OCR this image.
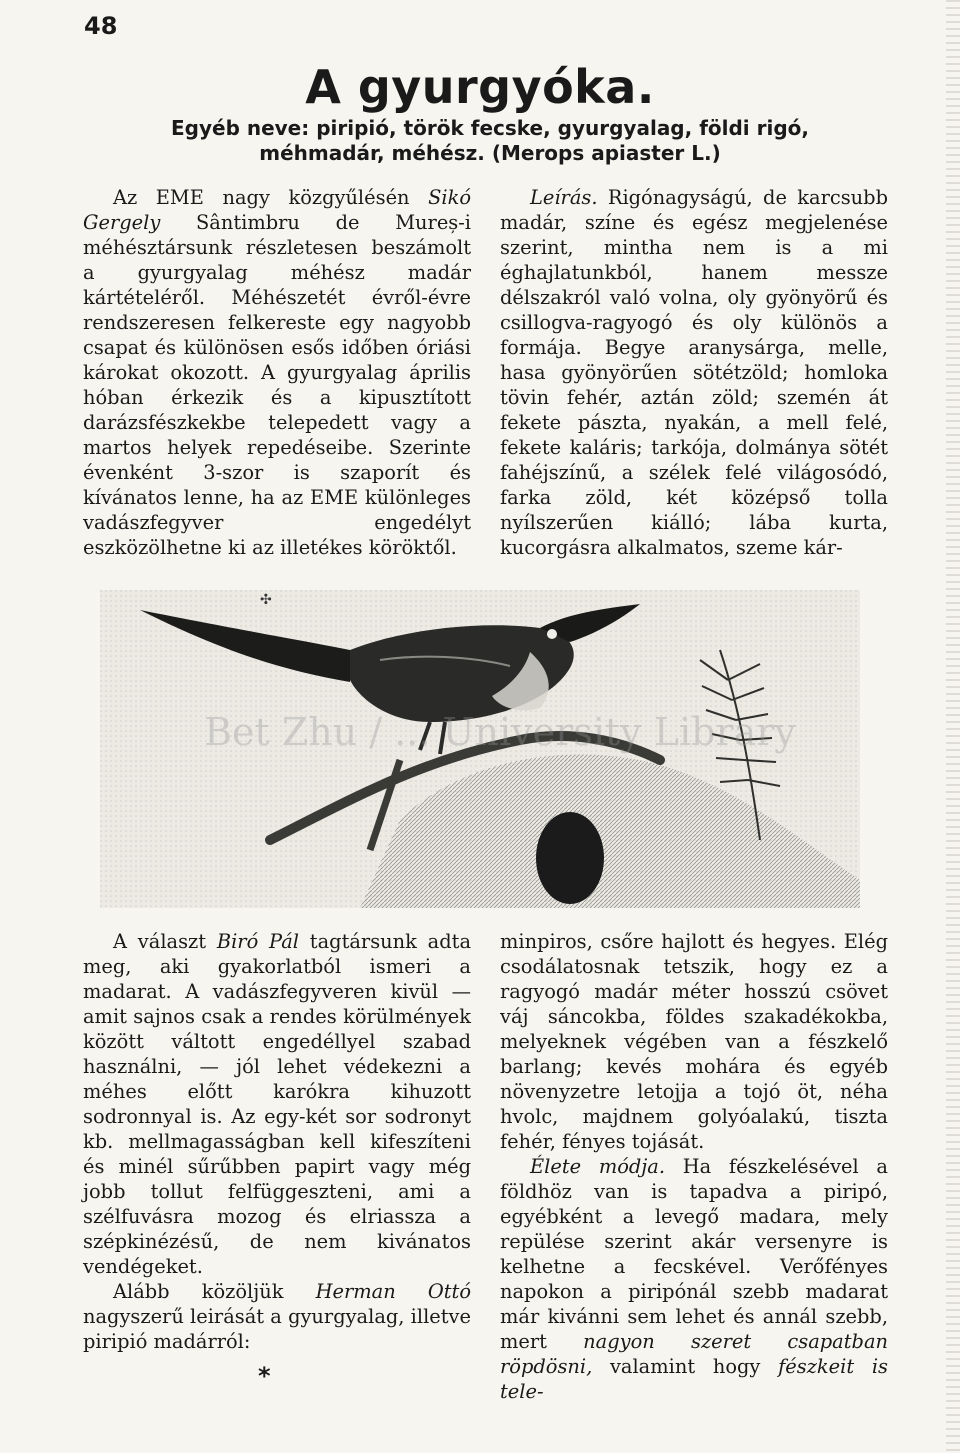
48
A gyurgyóka.
Egyéb neve: piripió, török fecske, gyurgyalag, földi rigó,
méhmadár, méhész. (Merops apiaster L.)

Az EME nagy közgyűlésén Sikó Gergely Sântimbru de Mureș-i méhésztársunk részletesen beszámolt a gyurgyalag méhész madár kártételéről. Méhészetét évről-évre rendszeresen felkereste egy nagyobb csapat és különösen esős időben óriási károkat okozott. A gyurgyalag április hóban érkezik és a kipusztított darázsfészkekbe telepedett vagy a martos helyek repedéseibe. Szerinte évenként 3-szor is szaporít és kívánatos lenne, ha az EME különleges vadászfegyver engedélyt eszközölhetne ki az illetékes köröktől.

Leírás. Rigónagyságú, de karcsubb madár, színe és egész megjelenése szerint, mintha nem is a mi éghajlatunkból, hanem messze délszakról való volna, oly gyönyörű és csillogva-ragyogó és oly különös a formája. Begye aranysárga, melle, hasa gyönyörűen sötétzöld; homloka tövin fehér, aztán zöld; szemén át fekete pászta, nyakán, a mell felé, fekete kaláris; tarkója, dolmánya sötét fahéjszínű, a szélek felé világosódó, farka zöld, két középső tolla nyílszerűen kiálló; lába kurta, kucorgásra alkalmatos, szeme kár-

✣
Bet Zhu / ... University Library

A választ Biró Pál tagtársunk adta meg, aki gyakorlatból ismeri a madarat. A vadászfegyveren kivül — amit sajnos csak a rendes körülmények között váltott engedéllyel szabad használni, — jól lehet védekezni a méhes előtt karókra kihuzott sodronnyal is. Az egy-két sor sodronyt kb. mellmagasságban kell kifeszíteni és minél sűrűbben papirt vagy még jobb tollut felfüggeszteni, ami a szélfuvásra mozog és elriassza a szépkinézésű, de nem kivánatos vendégeket.

Alább közöljük Herman Ottó nagyszerű leirását a gyurgyalag, illetve piripió madárról:

*

minpiros, csőre hajlott és hegyes. Elég csodálatosnak tetszik, hogy ez a ragyogó madár méter hosszú csövet váj sáncokba, földes szakadékokba, melyeknek végében van a fészkelő barlang; kevés mohára és egyéb növenyzetre letojja a tojó öt, néha hvolc, majdnem golyóalakú, tiszta fehér, fényes tojását.

Élete módja. Ha fészkelésével a földhöz van is tapadva a piripó, egyébként a levegő madara, mely repülése szerint akár versenyre is kelhetne a fecskével. Verőfényes napokon a piripónál szebb madarat már kivánni sem lehet és annál szebb, mert nagyon szeret csapatban röpdösni, valamint hogy fészkeit is tele-
